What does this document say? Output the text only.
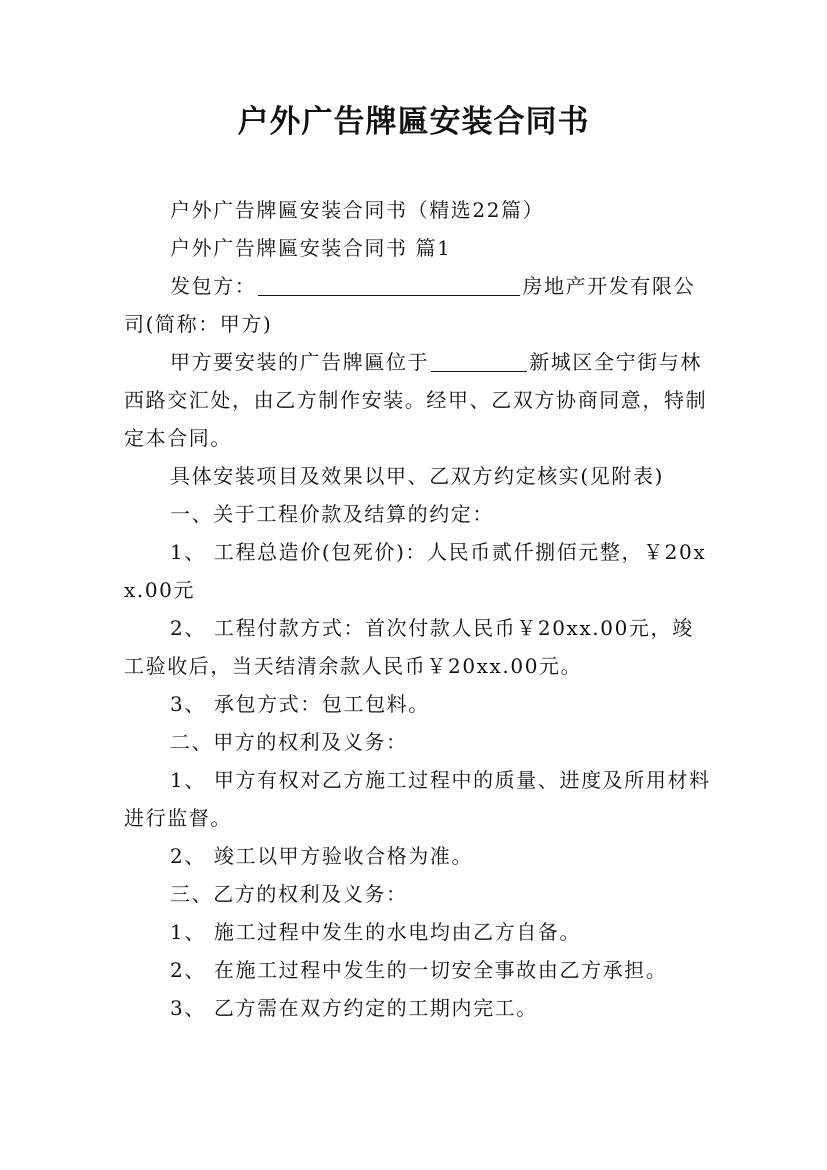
户外广告牌匾安装合同书

户外广告牌匾安装合同书（精选22篇）

户外广告牌匾安装合同书 篇1

发包方：	房地产开发有限公司(简称：甲方)

甲方要安装的广告牌匾位于	新城区全宁街与林西路交汇处，由乙方制作安装。经甲、乙双方协商同意，特制定本合同。

具体安装项目及效果以甲、乙双方约定核实(见附表)

一、关于工程价款及结算的约定：

1、 工程总造价(包死价)：人民币贰仟捌佰元整，￥20xx.00元

2、 工程付款方式：首次付款人民币￥20xx.00元，竣工验收后，当天结清余款人民币￥20xx.00元。

3、 承包方式：包工包料。

二、甲方的权利及义务：

1、 甲方有权对乙方施工过程中的质量、进度及所用材料进行监督。

2、 竣工以甲方验收合格为准。

三、乙方的权利及义务：

1、 施工过程中发生的水电均由乙方自备。

2、 在施工过程中发生的一切安全事故由乙方承担。

3、 乙方需在双方约定的工期内完工。
